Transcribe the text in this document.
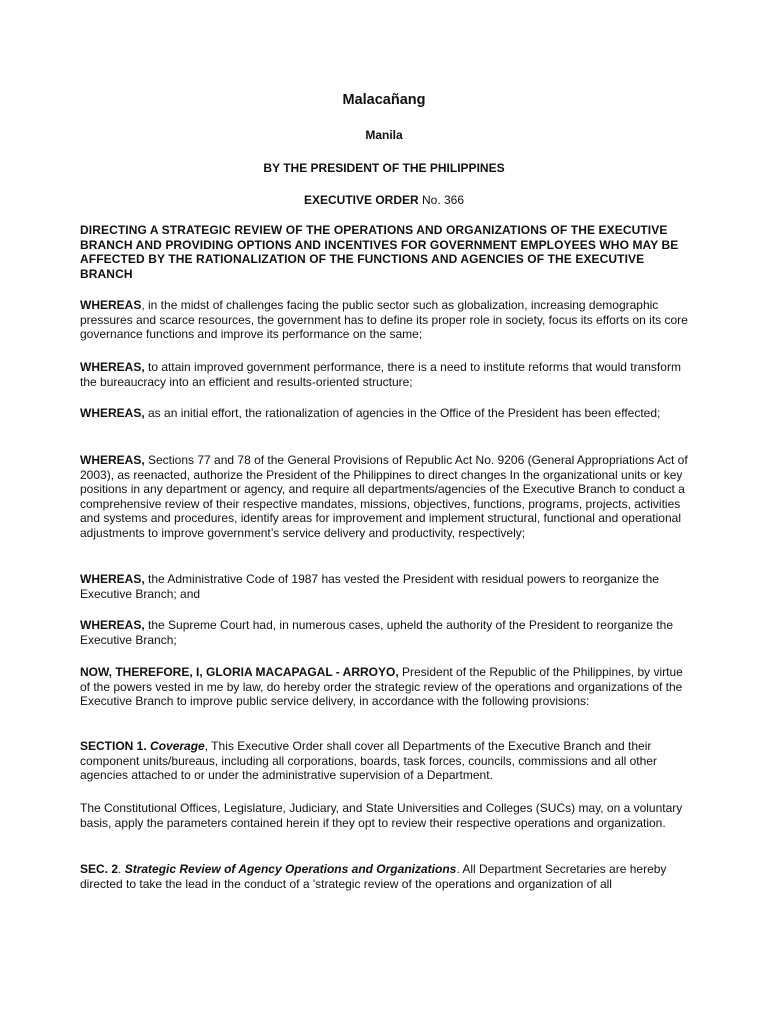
Malacañang
Manila
BY THE PRESIDENT OF THE PHILIPPINES
EXECUTIVE ORDER No. 366
DIRECTING A STRATEGIC REVIEW OF THE OPERATIONS AND ORGANIZATIONS OF THE EXECUTIVE BRANCH AND PROVIDING OPTIONS AND INCENTIVES FOR GOVERNMENT EMPLOYEES WHO MAY BE AFFECTED BY THE RATIONALIZATION OF THE FUNCTIONS AND AGENCIES OF THE EXECUTIVE BRANCH
WHEREAS, in the midst of challenges facing the public sector such as globalization, increasing demographic pressures and scarce resources, the government has to define its proper role in society, focus its efforts on its core governance functions and improve its performance on the same;
WHEREAS, to attain improved government performance, there is a need to institute reforms that would transform the bureaucracy into an efficient and results-oriented structure;
WHEREAS, as an initial effort, the rationalization of agencies in the Office of the President has been effected;
WHEREAS, Sections 77 and 78 of the General Provisions of Republic Act No. 9206 (General Appropriations Act of 2003), as reenacted, authorize the President of the Philippines to direct changes In the organizational units or key positions in any department or agency, and require all departments/agencies of the Executive Branch to conduct a comprehensive review of their respective mandates, missions, objectives, functions, programs, projects, activities and systems and procedures, identify areas for improvement and implement structural, functional and operational adjustments to improve government’s service delivery and productivity, respectively;
WHEREAS, the Administrative Code of 1987 has vested the President with residual powers to reorganize the Executive Branch; and
WHEREAS, the Supreme Court had, in numerous cases, upheld the authority of the President to reorganize the Executive Branch;
NOW, THEREFORE, I, GLORIA MACAPAGAL - ARROYO, President of the Republic of the Philippines, by virtue of the powers vested in me by law, do hereby order the strategic review of the operations and organizations of the Executive Branch to improve public service delivery, in accordance with the following provisions:
SECTION 1. Coverage, This Executive Order shall cover all Departments of the Executive Branch and their component units/bureaus, including all corporations, boards, task forces, councils, commissions and all other agencies attached to or under the administrative supervision of a Department.
The Constitutional Offices, Legislature, Judiciary, and State Universities and Colleges (SUCs) may, on a voluntary basis, apply the parameters contained herein if they opt to review their respective operations and organization.
SEC. 2. Strategic Review of Agency Operations and Organizations. All Department Secretaries are hereby directed to take the lead in the conduct of a 'strategic review of the operations and organization of all
